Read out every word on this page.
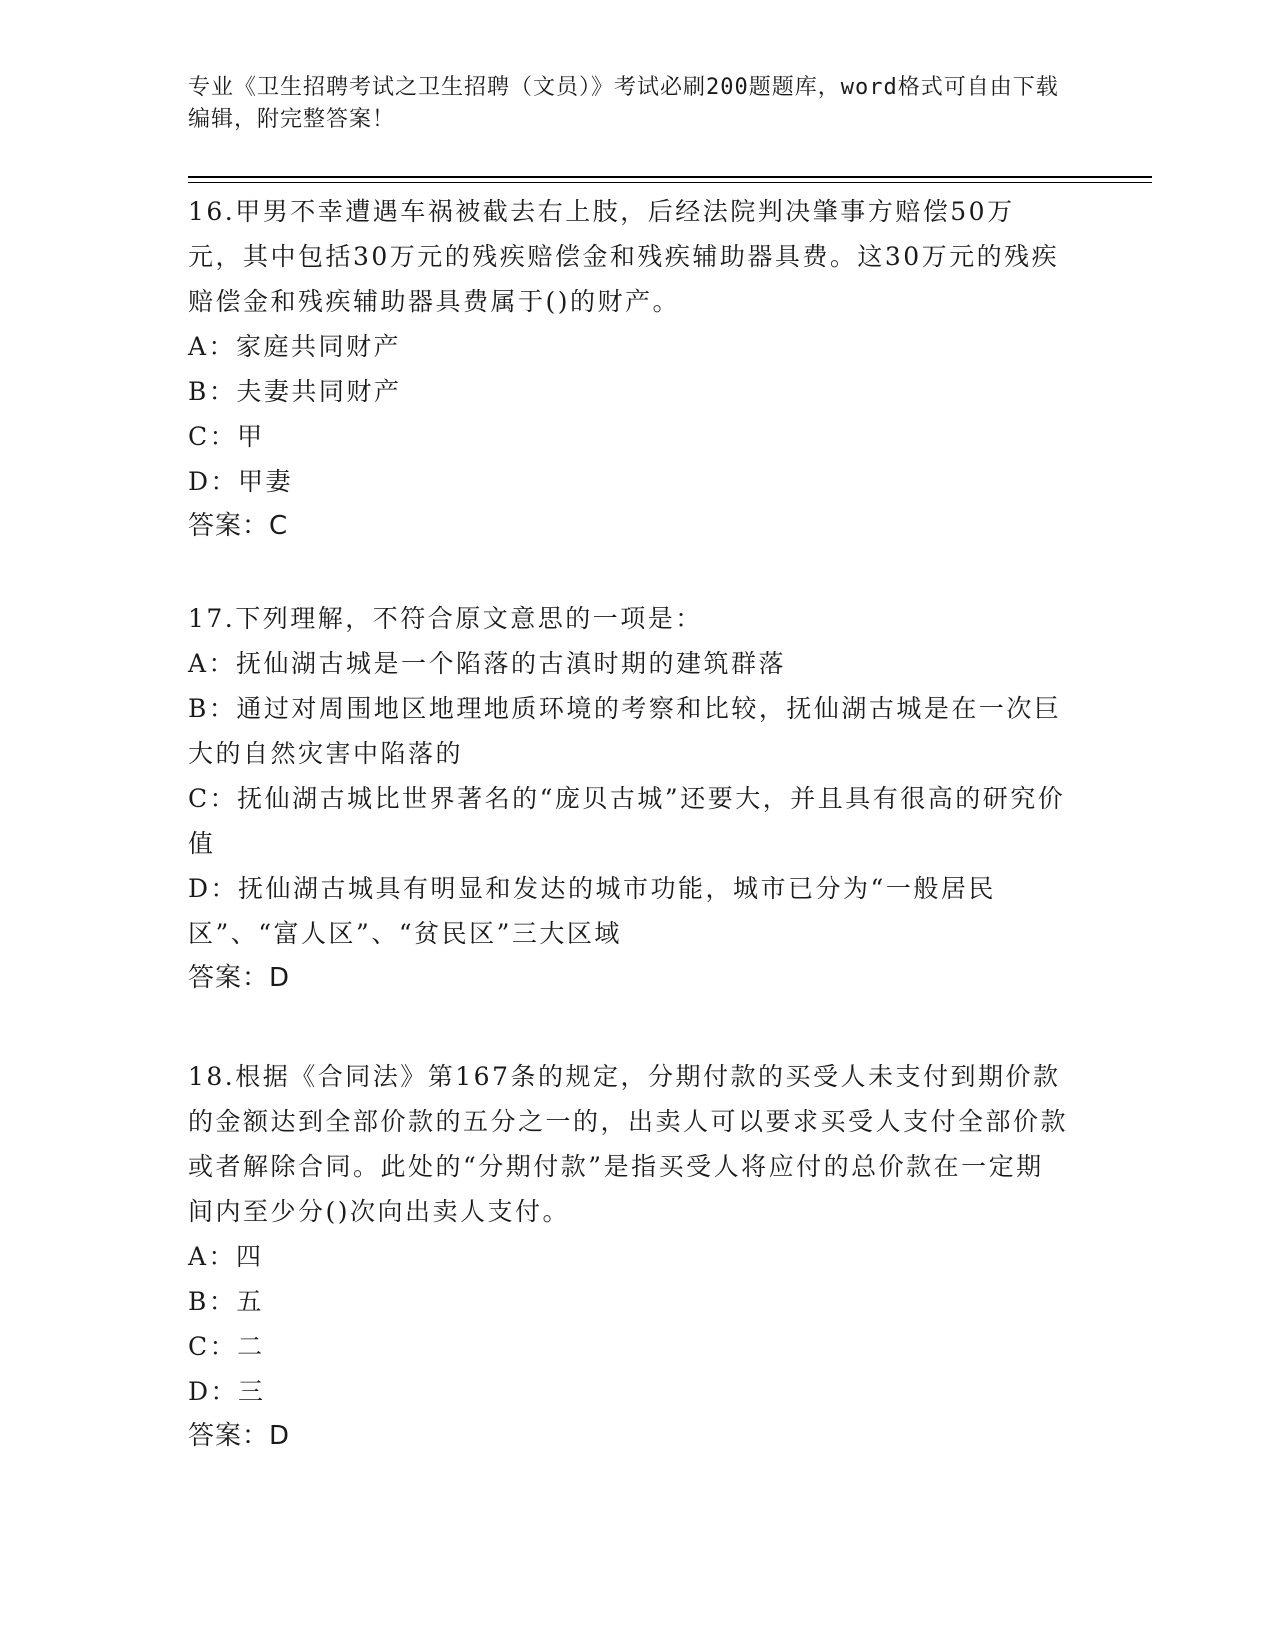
专业《卫生招聘考试之卫生招聘（文员）》考试必刷200题题库，word格式可自由下载编辑，附完整答案！

16.甲男不幸遭遇车祸被截去右上肢，后经法院判决肇事方赔偿50万元，其中包括30万元的残疾赔偿金和残疾辅助器具费。这30万元的残疾赔偿金和残疾辅助器具费属于()的财产。

A：家庭共同财产

B：夫妻共同财产

C：甲

D：甲妻

答案：C

17.下列理解，不符合原文意思的一项是：

A：抚仙湖古城是一个陷落的古滇时期的建筑群落

B：通过对周围地区地理地质环境的考察和比较，抚仙湖古城是在一次巨大的自然灾害中陷落的

C：抚仙湖古城比世界著名的“庞贝古城”还要大，并且具有很高的研究价值

D：抚仙湖古城具有明显和发达的城市功能，城市已分为“一般居民区”、“富人区”、“贫民区”三大区域

答案：D

18.根据《合同法》第167条的规定，分期付款的买受人未支付到期价款的金额达到全部价款的五分之一的，出卖人可以要求买受人支付全部价款或者解除合同。此处的“分期付款”是指买受人将应付的总价款在一定期间内至少分()次向出卖人支付。

A：四

B：五

C：二

D：三

答案：D
